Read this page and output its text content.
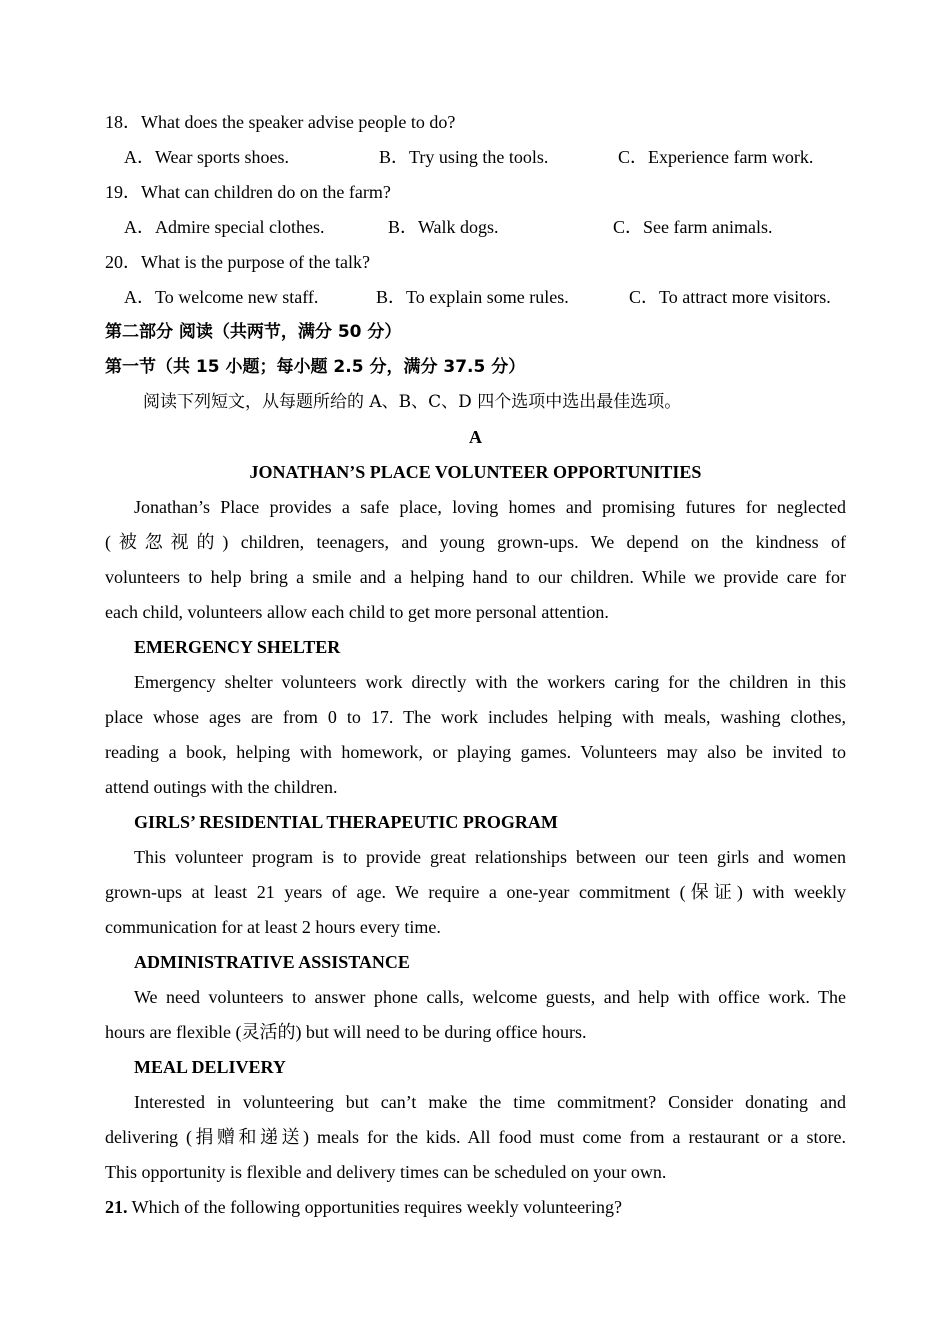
18．What does the speaker advise people to do?
A．Wear sports shoes.	B．Try using the tools.	C．Experience farm work.
19．What can children do on the farm?
A．Admire special clothes.	B．Walk dogs.	C．See farm animals.
20．What is the purpose of the talk?
A．To welcome new staff.	B．To explain some rules.	C．To attract more visitors.
第二部分 阅读（共两节，满分 50 分）
第一节（共 15 小题；每小题 2.5 分，满分 37.5 分）
阅读下列短文，从每题所给的 A、B、C、D 四个选项中选出最佳选项。
A
JONATHAN’S PLACE VOLUNTEER OPPORTUNITIES
Jonathan’s Place provides a safe place, loving homes and promising futures for neglected
(被忽视的) children, teenagers, and young grown-ups. We depend on the kindness of
volunteers to help bring a smile and a helping hand to our children. While we provide care for
each child, volunteers allow each child to get more personal attention.
EMERGENCY SHELTER
Emergency shelter volunteers work directly with the workers caring for the children in this
place whose ages are from 0 to 17. The work includes helping with meals, washing clothes,
reading a book, helping with homework, or playing games. Volunteers may also be invited to
attend outings with the children.
GIRLS’ RESIDENTIAL THERAPEUTIC PROGRAM
This volunteer program is to provide great relationships between our teen girls and women
grown-ups at least 21 years of age. We require a one-year commitment (保证) with weekly
communication for at least 2 hours every time.
ADMINISTRATIVE ASSISTANCE
We need volunteers to answer phone calls, welcome guests, and help with office work. The
hours are flexible (灵活的) but will need to be during office hours.
MEAL DELIVERY
Interested in volunteering but can’t make the time commitment? Consider donating and
delivering (捐赠和递送) meals for the kids. All food must come from a restaurant or a store.
This opportunity is flexible and delivery times can be scheduled on your own.
21. Which of the following opportunities requires weekly volunteering?
